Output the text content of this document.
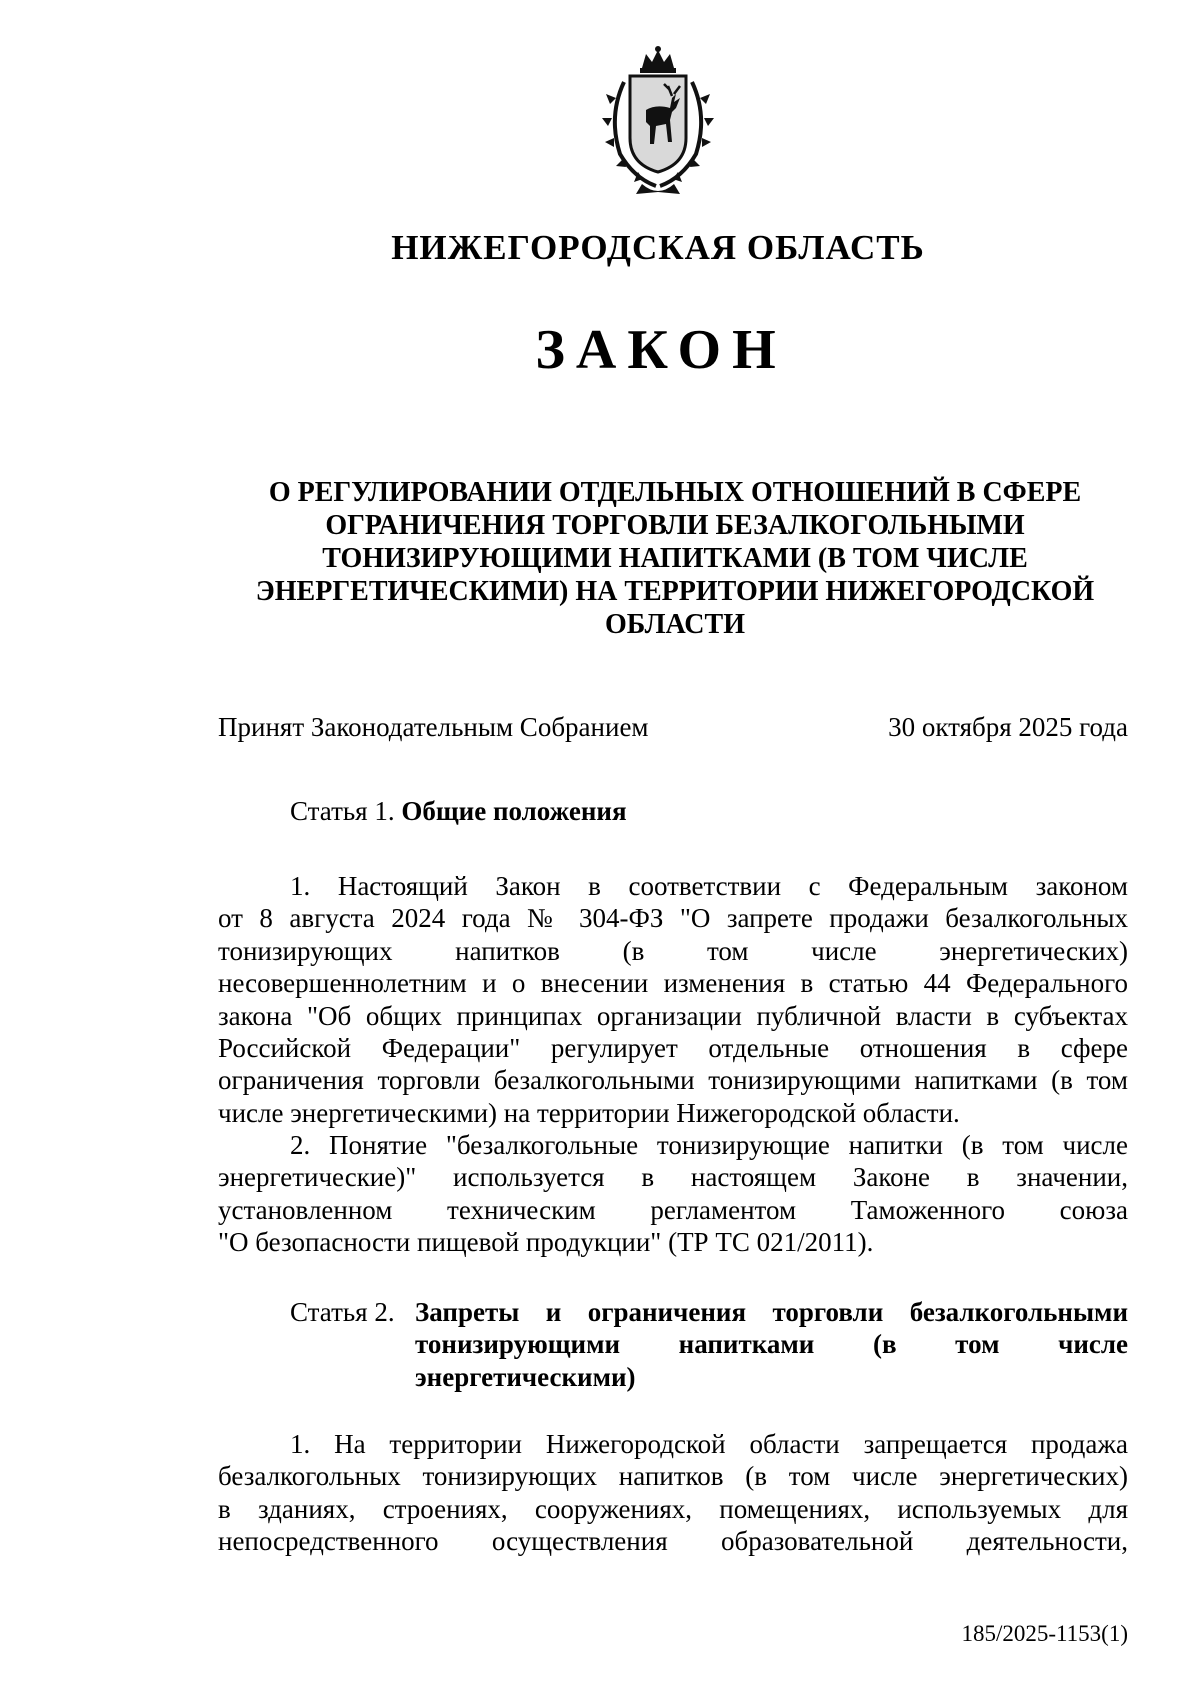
НИЖЕГОРОДСКАЯ ОБЛАСТЬ
ЗАКОН
О РЕГУЛИРОВАНИИ ОТДЕЛЬНЫХ ОТНОШЕНИЙ В СФЕРЕ
ОГРАНИЧЕНИЯ ТОРГОВЛИ БЕЗАЛКОГОЛЬНЫМИ
ТОНИЗИРУЮЩИМИ НАПИТКАМИ (В ТОМ ЧИСЛЕ
ЭНЕРГЕТИЧЕСКИМИ) НА ТЕРРИТОРИИ НИЖЕГОРОДСКОЙ
ОБЛАСТИ
Принят Законодательным Собранием	30 октября 2025 года
Статья 1. Общие положения
1. Настоящий Закон в соответствии с Федеральным законом
от 8 августа 2024 года № 304-ФЗ "О запрете продажи безалкогольных
тонизирующих напитков (в том числе энергетических)
несовершеннолетним и о внесении изменения в статью 44 Федерального
закона "Об общих принципах организации публичной власти в субъектах
Российской Федерации" регулирует отдельные отношения в сфере
ограничения торговли безалкогольными тонизирующими напитками (в том
числе энергетическими) на территории Нижегородской области.
2. Понятие "безалкогольные тонизирующие напитки (в том числе
энергетические)" используется в настоящем Законе в значении,
установленном техническим регламентом Таможенного союза
"О безопасности пищевой продукции" (ТР ТС 021/2011).
Статья 2. Запреты и ограничения торговли безалкогольными
тонизирующими напитками (в том числе
энергетическими)
1. На территории Нижегородской области запрещается продажа
безалкогольных тонизирующих напитков (в том числе энергетических)
в зданиях, строениях, сооружениях, помещениях, используемых для
непосредственного осуществления образовательной деятельности,
185/2025-1153(1)
